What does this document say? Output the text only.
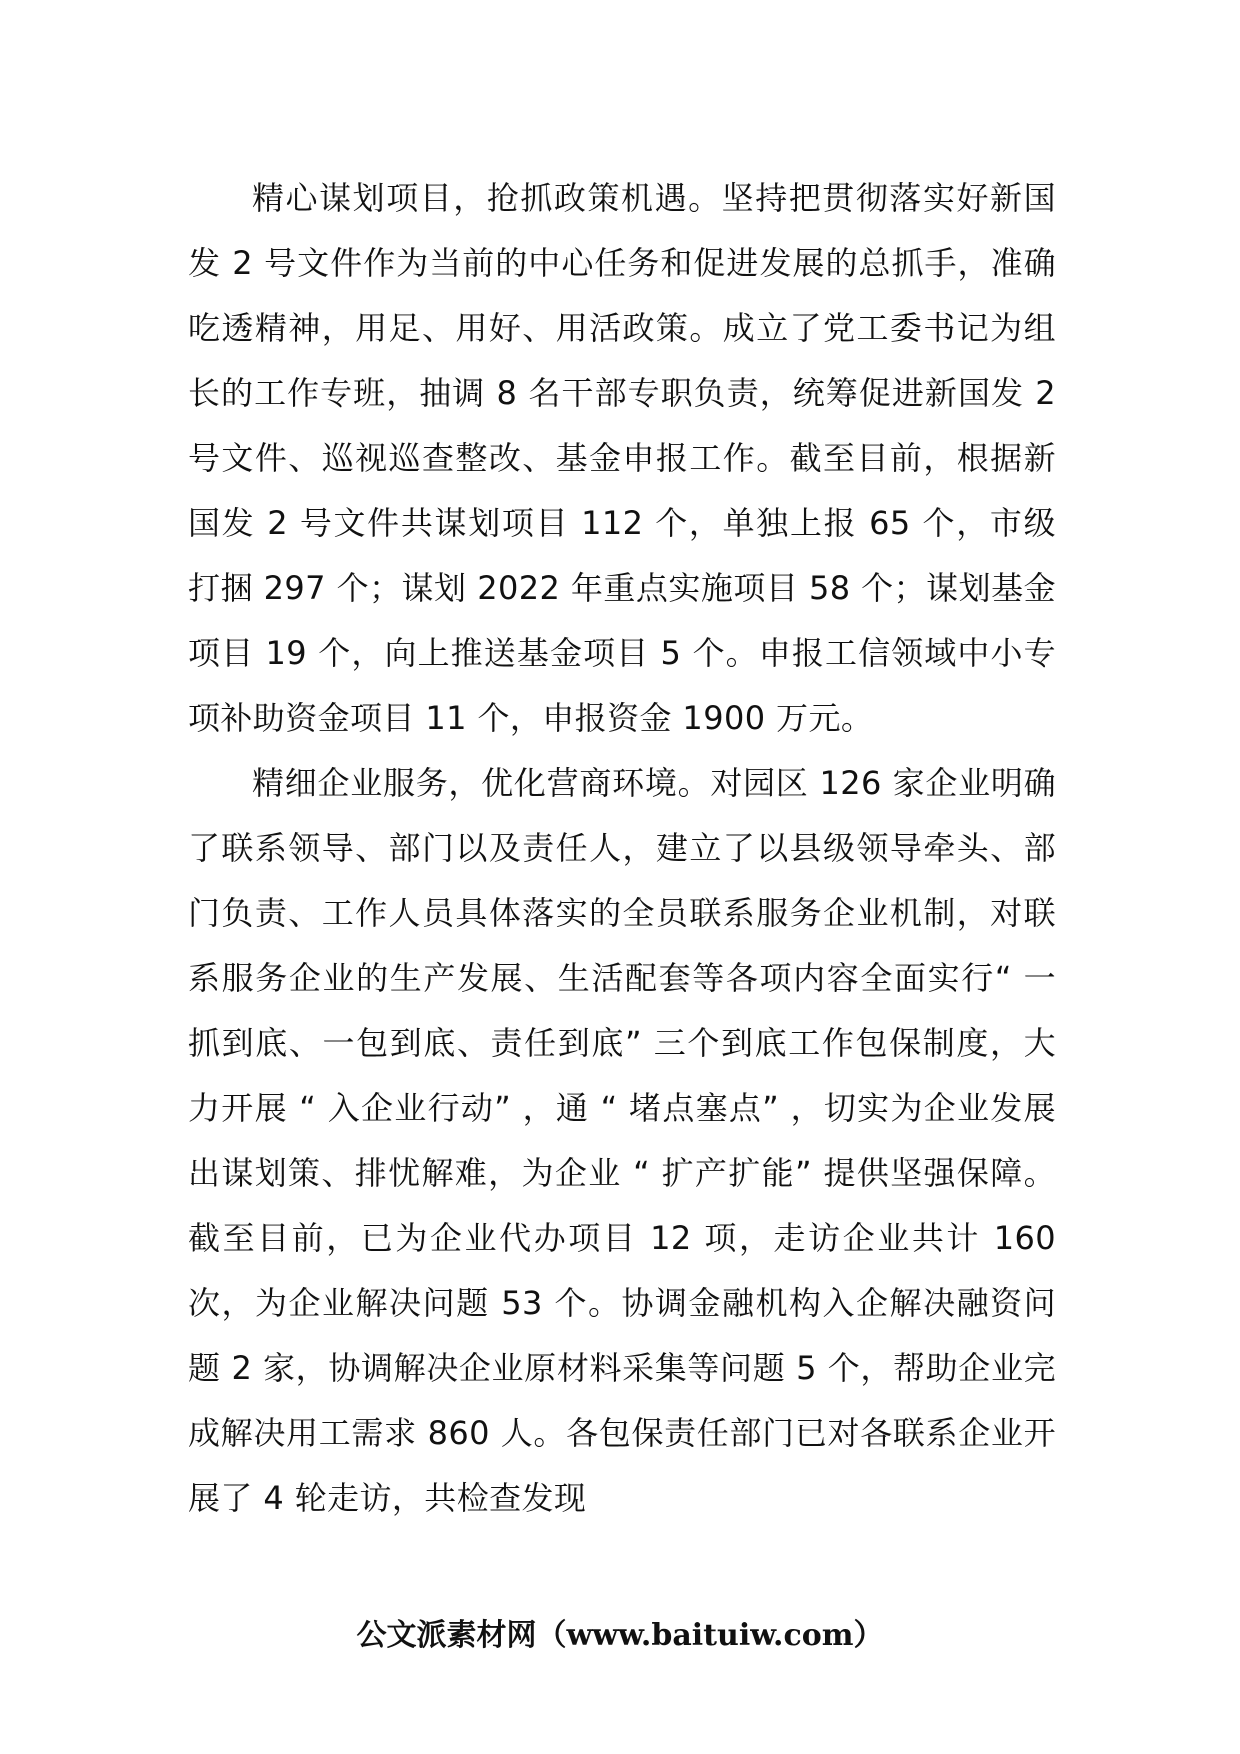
精心谋划项目，抢抓政策机遇。坚持把贯彻落实好新国发 2 号文件作为当前的中心任务和促进发展的总抓手，准确吃透精神，用足、用好、用活政策。成立了党工委书记为组长的工作专班，抽调 8 名干部专职负责，统筹促进新国发 2 号文件、巡视巡查整改、基金申报工作。截至目前，根据新国发 2 号文件共谋划项目 112 个，单独上报 65 个，市级打捆 297 个；谋划 2022 年重点实施项目 58 个；谋划基金项目 19 个，向上推送基金项目 5 个。申报工信领域中小专项补助资金项目 11 个，申报资金 1900 万元。

精细企业服务，优化营商环境。对园区 126 家企业明确了联系领导、部门以及责任人，建立了以县级领导牵头、部门负责、工作人员具体落实的全员联系服务企业机制，对联系服务企业的生产发展、生活配套等各项内容全面实行“ 一抓到底、一包到底、责任到底” 三个到底工作包保制度，大力开展 “ 入企业行动” ，通 “ 堵点塞点” ，切实为企业发展出谋划策、排忧解难，为企业 “ 扩产扩能” 提供坚强保障。截至目前，已为企业代办项目 12 项，走访企业共计 160 次，为企业解决问题 53 个。协调金融机构入企解决融资问题 2 家，协调解决企业原材料采集等问题 5 个，帮助企业完成解决用工需求 860 人。各包保责任部门已对各联系企业开展了 4 轮走访，共检查发现

公文派素材网（www.baituiw.com）
